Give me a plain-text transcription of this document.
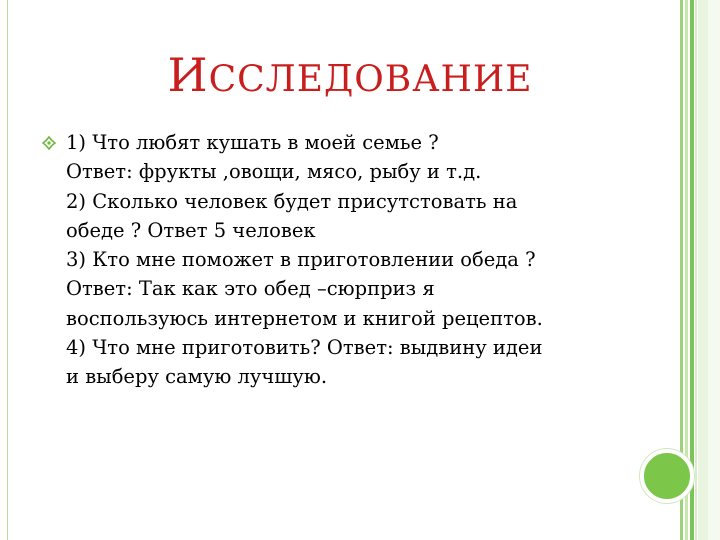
ИССЛЕДОВАНИЕ
1) Что любят кушать в моей семье ?
Ответ: фрукты ,овощи, мясо, рыбу и т.д.
2) Сколько человек будет присутстовать на
обеде ? Ответ 5 человек
3) Кто мне поможет в приготовлении обеда ?
Ответ: Так как это обед –сюрприз я
воспользуюсь интернетом и книгой рецептов.
4) Что мне приготовить? Ответ: выдвину идеи
и выберу самую лучшую.
